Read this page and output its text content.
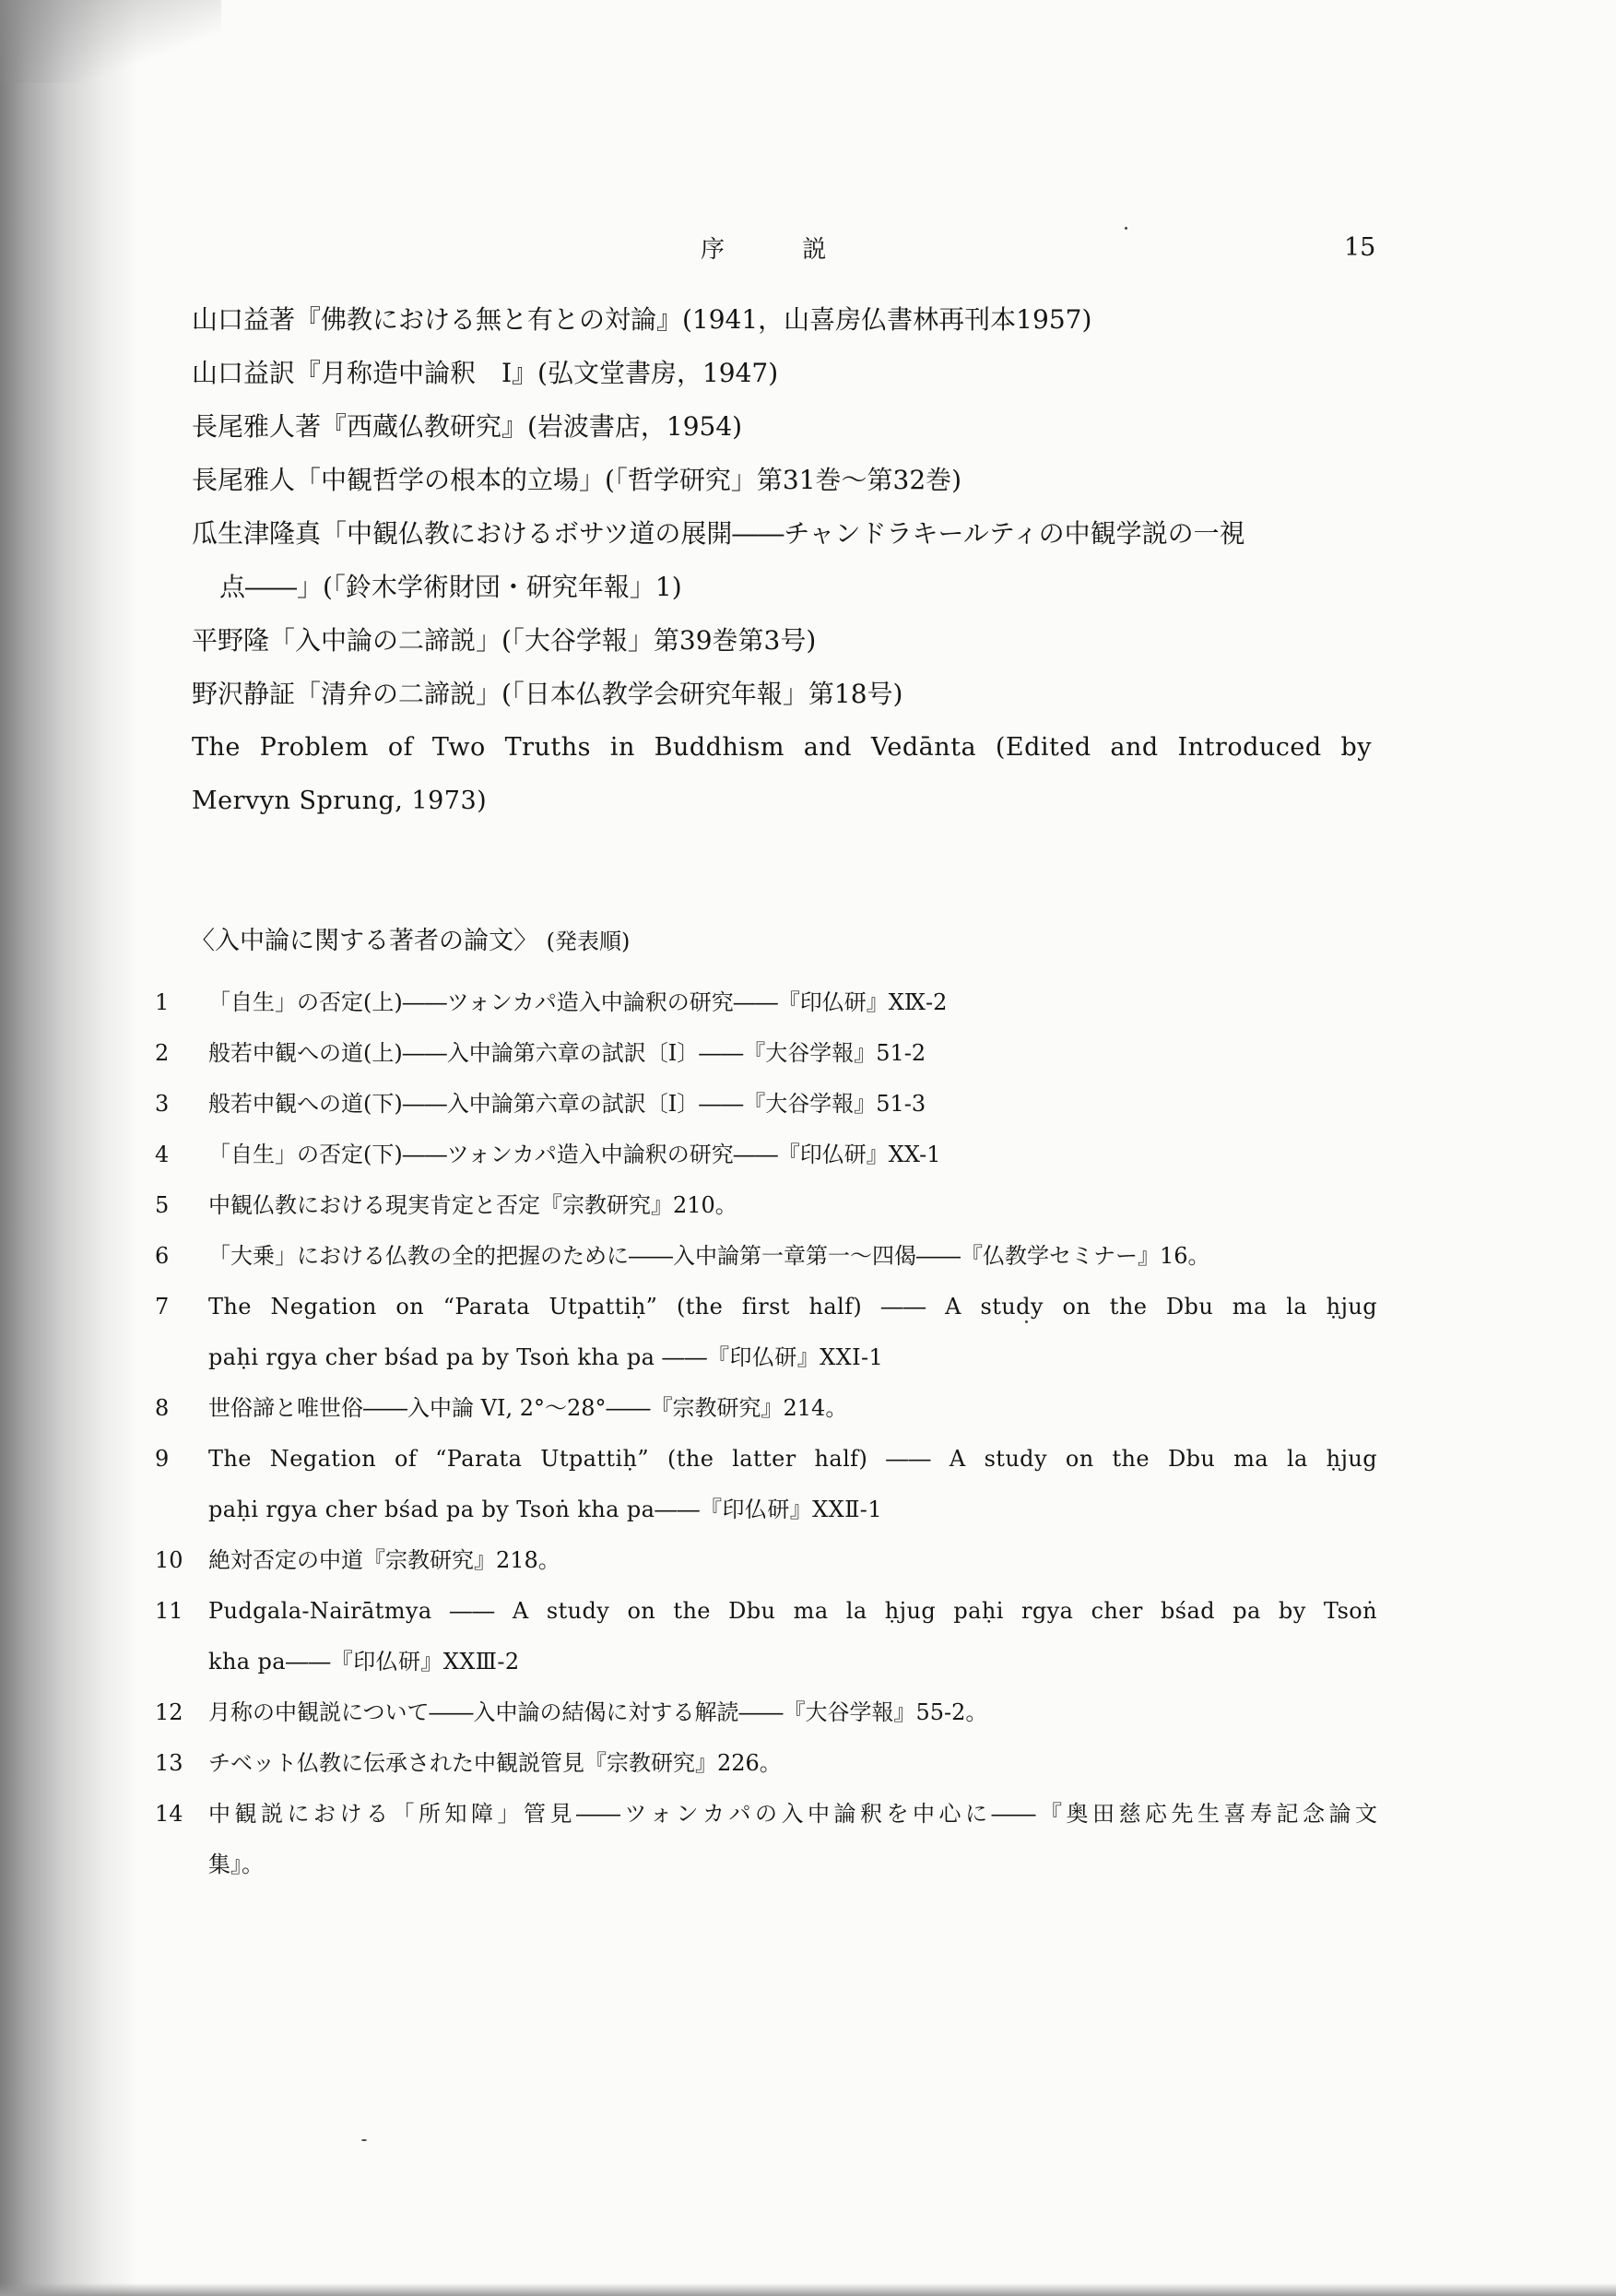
序 説	15
山口益著『佛教における無と有との対論』(1941，山喜房仏書林再刊本1957)
山口益訳『月称造中論釈　I』(弘文堂書房，1947)
長尾雅人著『西蔵仏教研究』(岩波書店，1954)
長尾雅人「中観哲学の根本的立場」(「哲学研究」第31巻～第32巻)
瓜生津隆真「中観仏教におけるボサツ道の展開――チャンドラキールティの中観学説の一視
点――」(「鈴木学術財団・研究年報」1)
平野隆「入中論の二諦説」(「大谷学報」第39巻第3号)
野沢静証「清弁の二諦説」(「日本仏教学会研究年報」第18号)
The Problem of Two Truths in Buddhism and Vedānta (Edited and Introduced by
Mervyn Sprung, 1973)
〈入中論に関する著者の論文〉 (発表順)
1	「自生」の否定(上)――ツォンカパ造入中論釈の研究――『印仏研』XⅨ-2
2	般若中観への道(上)――入中論第六章の試訳〔I〕――『大谷学報』51-2
3	般若中観への道(下)――入中論第六章の試訳〔I〕――『大谷学報』51-3
4	「自生」の否定(下)――ツォンカパ造入中論釈の研究――『印仏研』XX-1
5	中観仏教における現実肯定と否定『宗教研究』210。
6	「大乗」における仏教の全的把握のために――入中論第一章第一～四偈――『仏教学セミナー』16。
7	The Negation on “Parata Utpattiḥ” (the first half) ―― A study on the Dbu ma la ḥjug
paḥi rgya cher bśad pa by Tsoṅ kha pa ――『印仏研』XXI-1
8	世俗諦と唯世俗――入中論 VI, 2°～28°――『宗教研究』214。
9	The Negation of “Parata Utpattiḥ” (the latter half) ―― A study on the Dbu ma la ḥjug
paḥi rgya cher bśad pa by Tsoṅ kha pa――『印仏研』XXⅡ-1
10	絶対否定の中道『宗教研究』218。
11	Pudgala-Nairātmya ―― A study on the Dbu ma la ḥjug paḥi rgya cher bśad pa by Tsoṅ
kha pa――『印仏研』XXⅢ-2
12	月称の中観説について――入中論の結偈に対する解読――『大谷学報』55-2。
13	チベット仏教に伝承された中観説管見『宗教研究』226。
14	中観説における「所知障」管見――ツォンカパの入中論釈を中心に――『奥田慈応先生喜寿記念論文
集』。
